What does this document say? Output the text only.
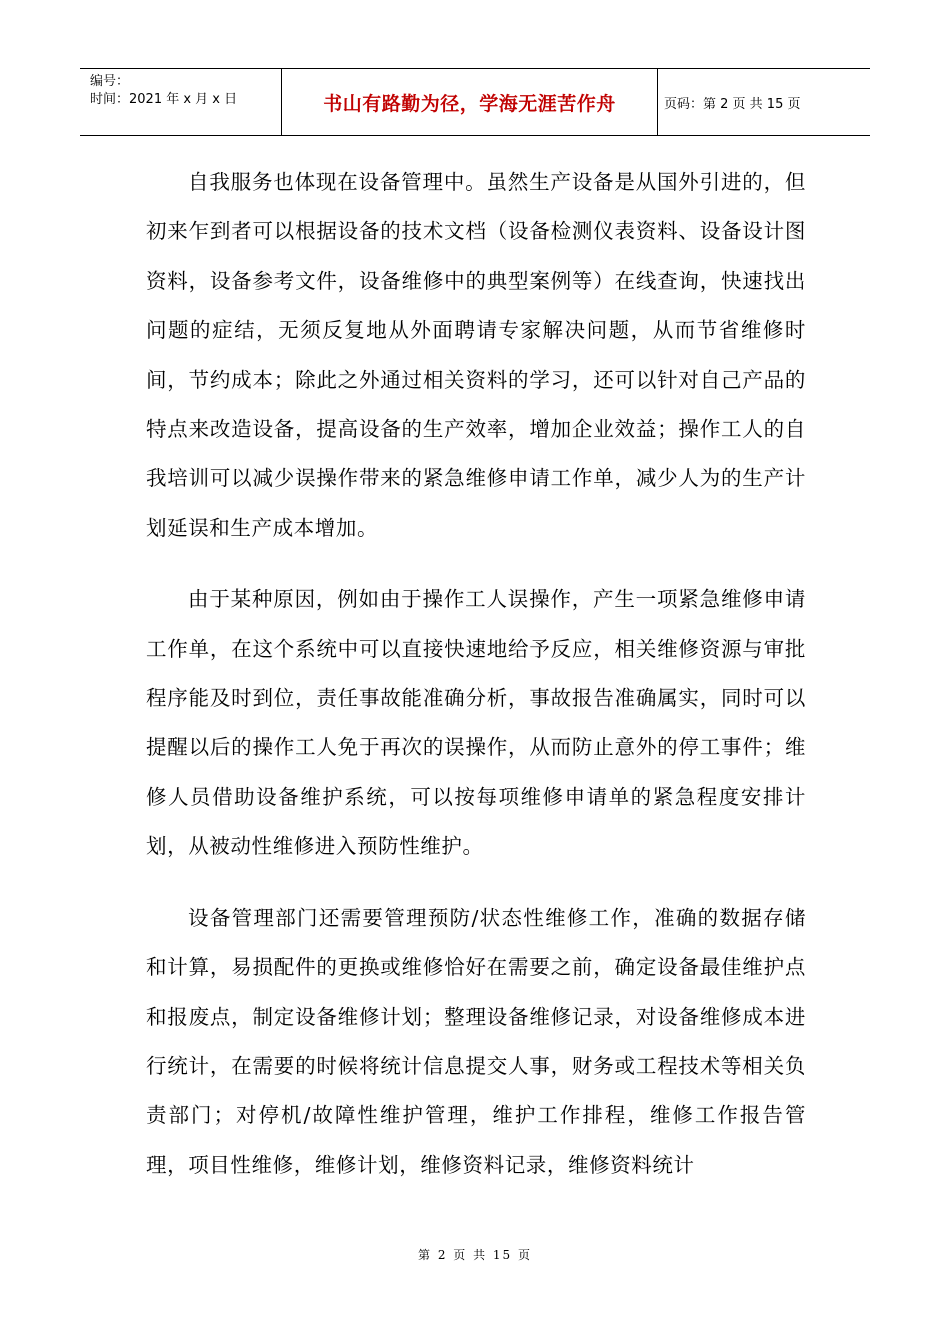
编号：
时间：2021 年 x 月 x 日	书山有路勤为径，学海无涯苦作舟	页码：第 2 页 共 15 页

自我服务也体现在设备管理中。虽然生产设备是从国外引进的，但初来乍到者可以根据设备的技术文档（设备检测仪表资料、设备设计图资料，设备参考文件，设备维修中的典型案例等）在线查询，快速找出问题的症结，无须反复地从外面聘请专家解决问题，从而节省维修时间，节约成本；除此之外通过相关资料的学习，还可以针对自己产品的特点来改造设备，提高设备的生产效率，增加企业效益；操作工人的自我培训可以减少误操作带来的紧急维修申请工作单，减少人为的生产计划延误和生产成本增加。

由于某种原因，例如由于操作工人误操作，产生一项紧急维修申请工作单，在这个系统中可以直接快速地给予反应，相关维修资源与审批程序能及时到位，责任事故能准确分析，事故报告准确属实，同时可以提醒以后的操作工人免于再次的误操作，从而防止意外的停工事件；维修人员借助设备维护系统，可以按每项维修申请单的紧急程度安排计划，从被动性维修进入预防性维护。

设备管理部门还需要管理预防/状态性维修工作，准确的数据存储和计算，易损配件的更换或维修恰好在需要之前，确定设备最佳维护点和报废点，制定设备维修计划；整理设备维修记录，对设备维修成本进行统计，在需要的时候将统计信息提交人事，财务或工程技术等相关负责部门；对停机/故障性维护管理，维护工作排程，维修工作报告管理，项目性维修，维修计划，维修资料记录，维修资料统计

第 2 页 共 15 页
